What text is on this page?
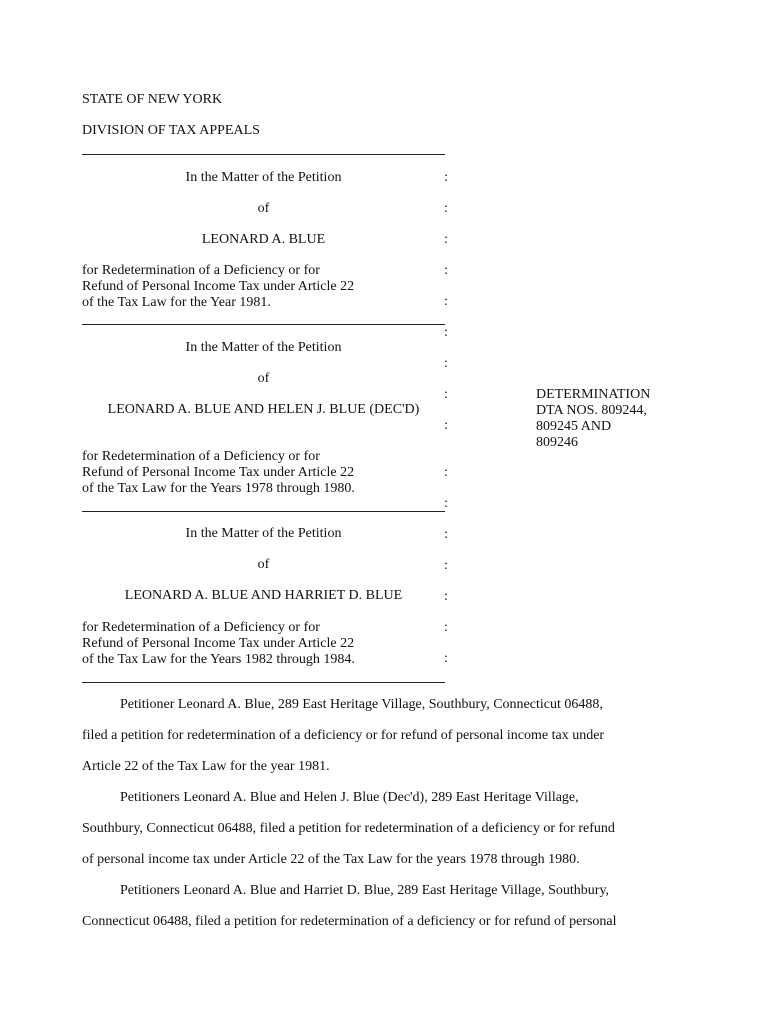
STATE OF NEW YORK
DIVISION OF TAX APPEALS
In the Matter of the Petition
of
LEONARD A. BLUE
for Redetermination of a Deficiency or for
Refund of Personal Income Tax under Article 22
of the Tax Law for the Year 1981.
In the Matter of the Petition
of
LEONARD A. BLUE AND HELEN J. BLUE (DEC'D)
for Redetermination of a Deficiency or for
Refund of Personal Income Tax under Article 22
of the Tax Law for the Years 1978 through 1980.
In the Matter of the Petition
of
LEONARD A. BLUE AND HARRIET D. BLUE
for Redetermination of a Deficiency or for
Refund of Personal Income Tax under Article 22
of the Tax Law for the Years 1982 through 1984.
:
:
:
:
:
:
:
:
:
:
:
:
:
:
:
:
DETERMINATION
DTA NOS. 809244,
809245 AND
809246
Petitioner Leonard A. Blue, 289 East Heritage Village, Southbury, Connecticut 06488,
filed a petition for redetermination of a deficiency or for refund of personal income tax under
Article 22 of the Tax Law for the year 1981.
Petitioners Leonard A. Blue and Helen J. Blue (Dec'd), 289 East Heritage Village,
Southbury, Connecticut 06488, filed a petition for redetermination of a deficiency or for refund
of personal income tax under Article 22 of the Tax Law for the years 1978 through 1980.
Petitioners Leonard A. Blue and Harriet D. Blue, 289 East Heritage Village, Southbury,
Connecticut 06488, filed a petition for redetermination of a deficiency or for refund of personal
